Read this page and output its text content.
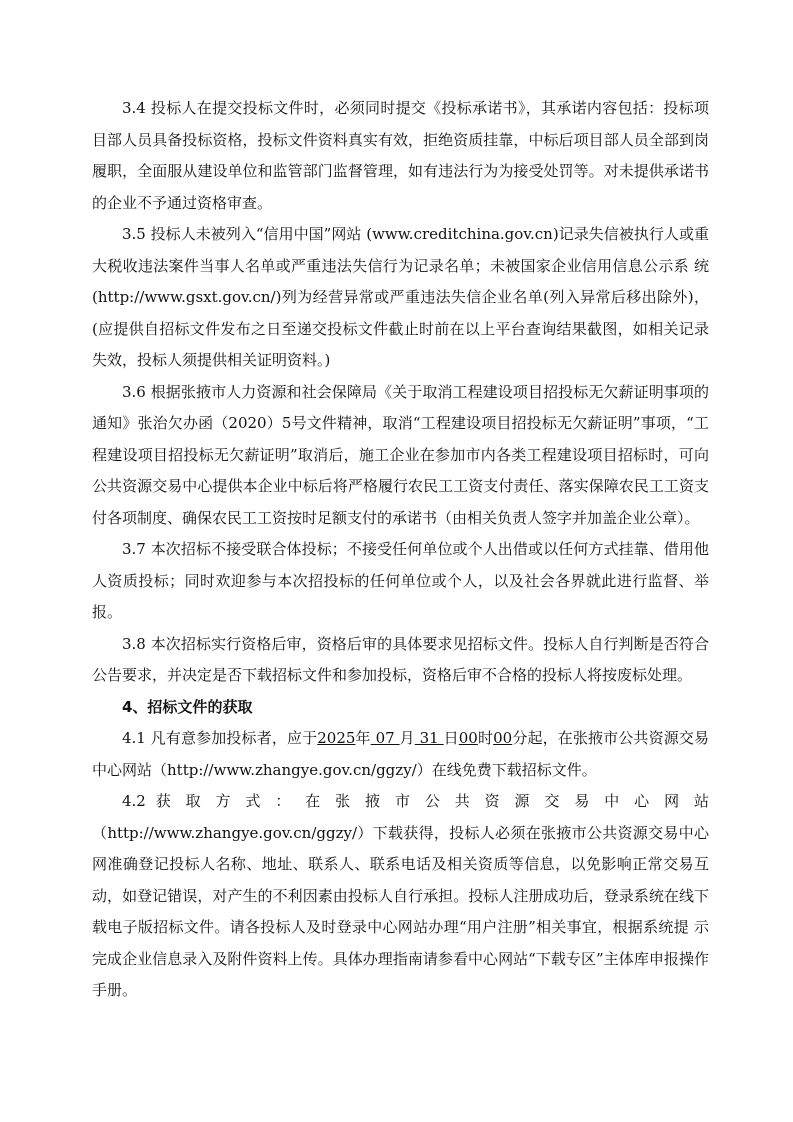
3.4 投标人在提交投标文件时，必须同时提交《投标承诺书》，其承诺内容包括：投标项目部人员具备投标资格，投标文件资料真实有效，拒绝资质挂靠，中标后项目部人员全部到岗履职，全面服从建设单位和监管部门监督管理，如有违法行为为接受处罚等。对未提供承诺书的企业不予通过资格审查。

3.5 投标人未被列入“信用中国”网站 (www.creditchina.gov.cn)记录失信被执行人或重大税收违法案件当事人名单或严重违法失信行为记录名单；未被国家企业信用信息公示系 统(http://www.gsxt.gov.cn/)列为经营异常或严重违法失信企业名单(列入异常后移出除外)，(应提供自招标文件发布之日至递交投标文件截止时前在以上平台查询结果截图，如相关记录失效，投标人须提供相关证明资料。)

3.6 根据张掖市人力资源和社会保障局《关于取消工程建设项目招投标无欠薪证明事项的通知》张治欠办函（2020）5号文件精神，取消“工程建设项目招投标无欠薪证明”事项，“工程建设项目招投标无欠薪证明”取消后，施工企业在参加市内各类工程建设项目招标时，可向公共资源交易中心提供本企业中标后将严格履行农民工工资支付责任、落实保障农民工工资支付各项制度、确保农民工工资按时足额支付的承诺书（由相关负责人签字并加盖企业公章）。

3.7 本次招标不接受联合体投标；不接受任何单位或个人出借或以任何方式挂靠、借用他人资质投标；同时欢迎参与本次招投标的任何单位或个人，以及社会各界就此进行监督、举报。

3.8 本次招标实行资格后审，资格后审的具体要求见招标文件。投标人自行判断是否符合公告要求，并决定是否下载招标文件和参加投标，资格后审不合格的投标人将按废标处理。

4、招标文件的获取

4.1 凡有意参加投标者，应于2025年 07 月 31 日00时00分起，在张掖市公共资源交易中心网站（http://www.zhangye.gov.cn/ggzy/）在线免费下载招标文件。

4.2 获 取 方 式 ： 在 张 掖 市 公 共 资 源 交 易 中 心 网 站 （http://www.zhangye.gov.cn/ggzy/）下载获得，投标人必须在张掖市公共资源交易中心网准确登记投标人名称、地址、联系人、联系电话及相关资质等信息，以免影响正常交易互动，如登记错误，对产生的不利因素由投标人自行承担。投标人注册成功后，登录系统在线下载电子版招标文件。请各投标人及时登录中心网站办理“用户注册”相关事宜，根据系统提 示完成企业信息录入及附件资料上传。具体办理指南请参看中心网站“下载专区”主体库申报操作手册。
